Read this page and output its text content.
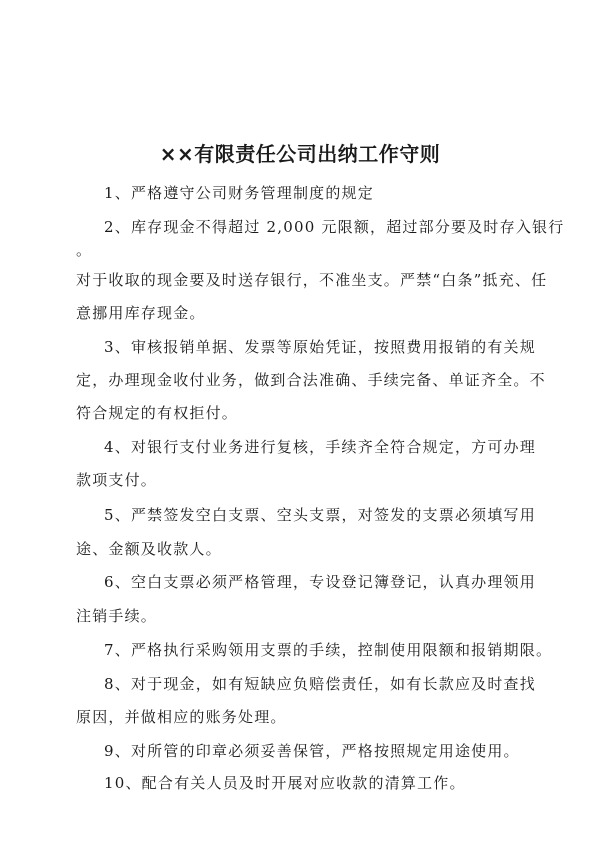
××有限责任公司出纳工作守则
1、严格遵守公司财务管理制度的规定
2、库存现金不得超过 2,000 元限额，超过部分要及时存入银行
。
对于收取的现金要及时送存银行，不准坐支。严禁“白条”抵充、任
意挪用库存现金。
3、审核报销单据、发票等原始凭证，按照费用报销的有关规
定，办理现金收付业务，做到合法准确、手续完备、单证齐全。不
符合规定的有权拒付。
4、对银行支付业务进行复核，手续齐全符合规定，方可办理
款项支付。
5、严禁签发空白支票、空头支票，对签发的支票必须填写用
途、金额及收款人。
6、空白支票必须严格管理，专设登记簿登记，认真办理领用
注销手续。
7、严格执行采购领用支票的手续，控制使用限额和报销期限。
8、对于现金，如有短缺应负赔偿责任，如有长款应及时查找
原因，并做相应的账务处理。
9、对所管的印章必须妥善保管，严格按照规定用途使用。
10、配合有关人员及时开展对应收款的清算工作。
